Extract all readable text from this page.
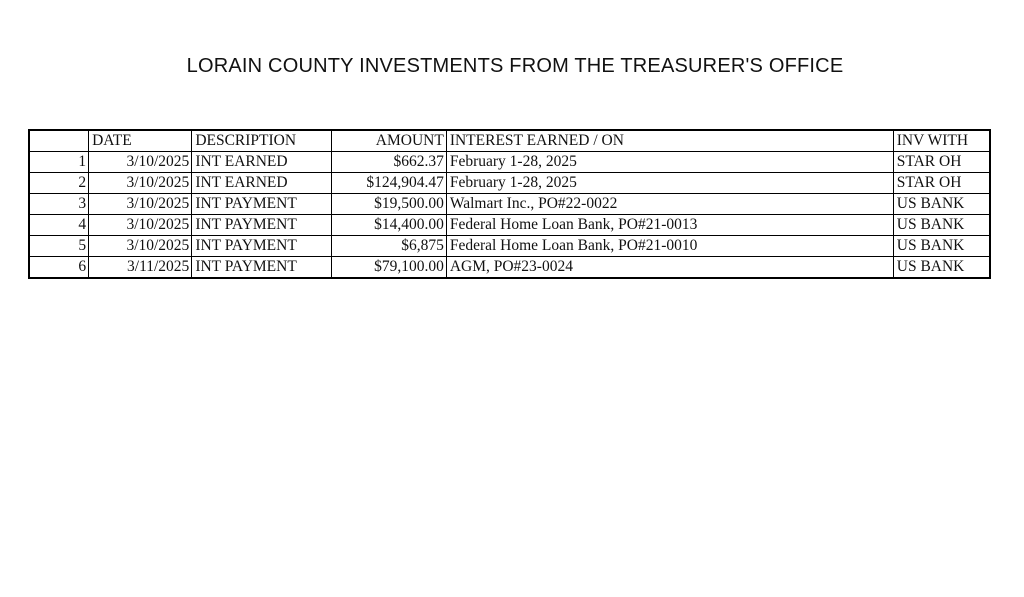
LORAIN COUNTY INVESTMENTS FROM THE TREASURER'S OFFICE
	DATE	DESCRIPTION	AMOUNT	INTEREST EARNED / ON	INV WITH
1	3/10/2025	INT EARNED	$662.37	February 1-28, 2025	STAR OH
2	3/10/2025	INT EARNED	$124,904.47	February 1-28, 2025	STAR OH
3	3/10/2025	INT PAYMENT	$19,500.00	Walmart Inc., PO#22-0022	US BANK
4	3/10/2025	INT PAYMENT	$14,400.00	Federal Home Loan Bank, PO#21-0013	US BANK
5	3/10/2025	INT PAYMENT	$6,875	Federal Home Loan Bank, PO#21-0010	US BANK
6	3/11/2025	INT PAYMENT	$79,100.00	AGM, PO#23-0024	US BANK
